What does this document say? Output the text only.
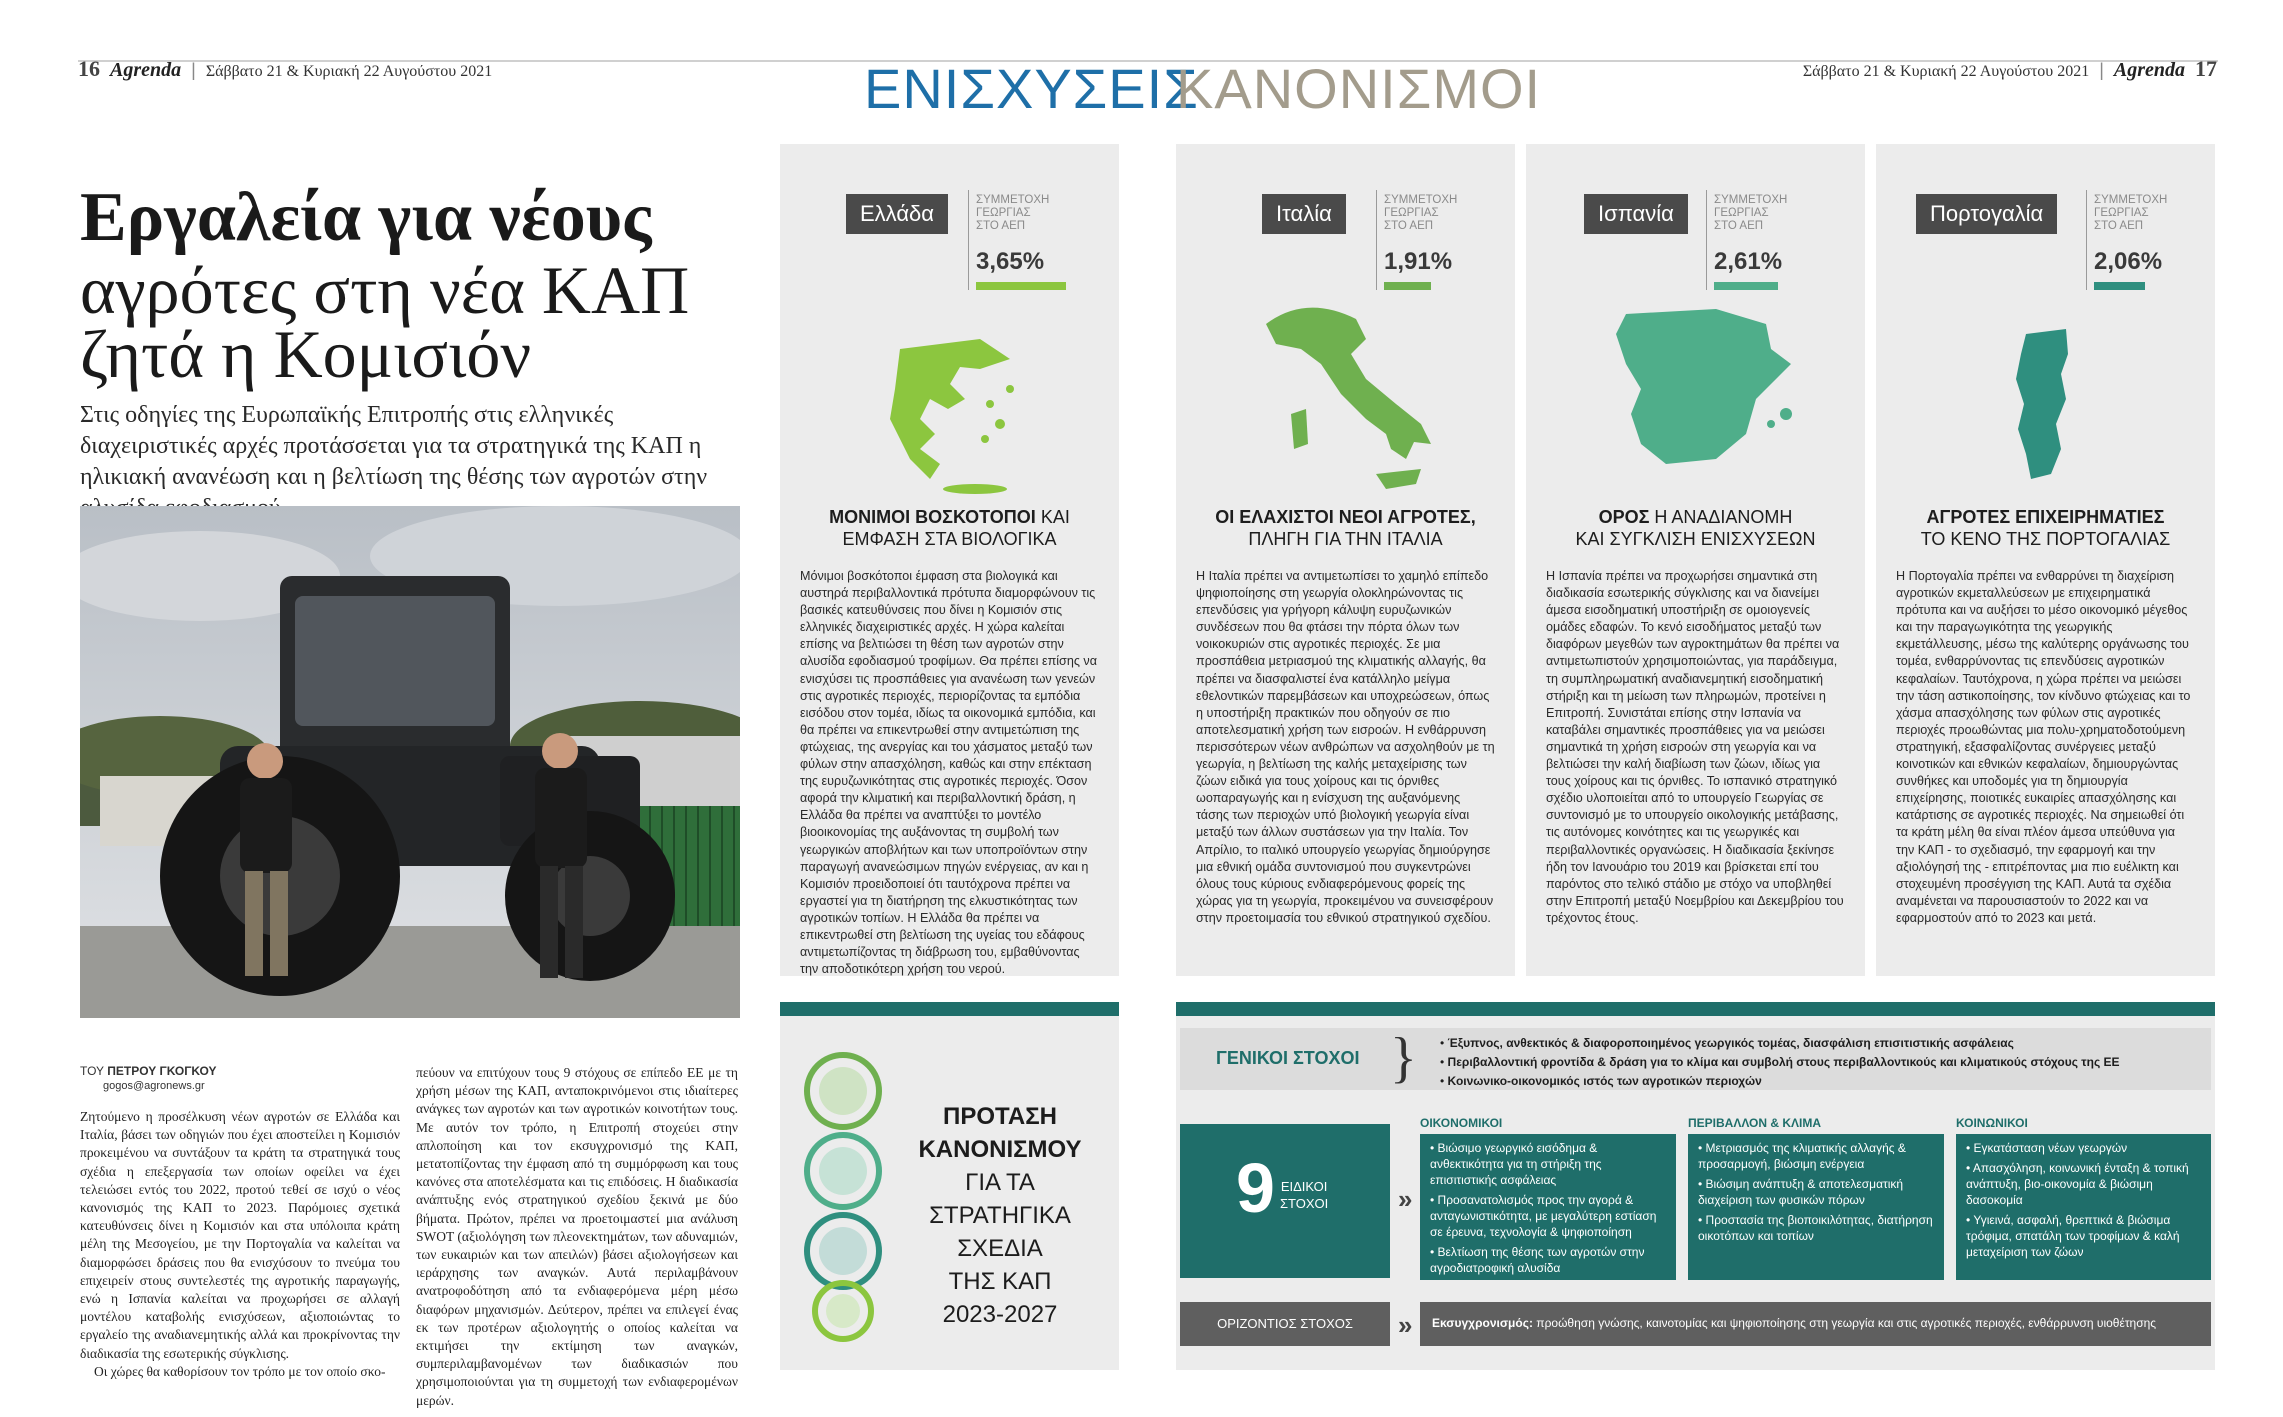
16 Agrenda | Σάββατο 21 & Κυριακή 22 Αυγούστου 2021	Σάββατο 21 & Κυριακή 22 Αυγούστου 2021 | Agrenda 17
ΕΝΙΣΧΥΣΕΙΣ
ΚΑΝΟΝΙΣΜΟΙ
Εργαλεία για νέους
αγρότες στη νέα ΚΑΠ
ζητά η Κομισιόν
Στις οδηγίες της Ευρωπαϊκής Επιτροπής στις ελληνικές διαχειριστικές αρχές προτάσσεται για τα στρατηγικά της ΚΑΠ η ηλικιακή ανανέωση και η βελτίωση της θέσης των αγροτών στην
ΤΟΥ ΠΕΤΡΟΥ ΓΚΟΓΚΟΥ
gogos@agronews.gr

Ζητούμενο η προσέλκυση νέων αγροτών σε Ελλάδα και Ιταλία, βάσει των οδηγιών που έχει αποστείλει η Κομισιόν προκειμένου να συντάξουν τα κράτη τα στρατηγικά τους σχέδια η επεξεργασία των οποίων οφείλει να έχει τελειώσει εντός του 2022, προτού τεθεί σε ισχύ ο νέος κανονισμός της ΚΑΠ το 2023. Παρόμοιες σχετικά κατευθύνσεις δίνει η Κομισιόν και στα υπόλοιπα κράτη μέλη της Μεσογείου, με την Πορτογαλία να καλείται να διαμορφώσει δράσεις που θα ενισχύσουν το πνεύμα του επιχειρείν στους συντελεστές της αγροτικής παραγωγής, ενώ η Ισπανία καλείται να προχωρήσει σε αλλαγή μοντέλου καταβολής ενισχύσεων, αξιοποιώντας το εργαλείο της αναδιανεμητικής αλλά και προκρίνοντας την διαδικασία της εσωτερικής σύγκλισης.

Οι χώρες θα καθορίσουν τον τρόπο με τον οποίο σκο-

πεύουν να επιτύχουν τους 9 στόχους σε επίπεδο ΕΕ με τη χρήση μέσων της ΚΑΠ, ανταποκρινόμενοι στις ιδιαίτερες ανάγκες των αγροτών και των αγροτικών κοινοτήτων τους. Με αυτόν τον τρόπο, η Επιτροπή στοχεύει στην απλοποίηση και τον εκσυγχρονισμό της ΚΑΠ, μετατοπίζοντας την έμφαση από τη συμμόρφωση και τους κανόνες στα αποτελέσματα και τις επιδόσεις. Η διαδικασία ανάπτυξης ενός στρατηγικού σχεδίου ξεκινά με δύο βήματα. Πρώτον, πρέπει να προετοιμαστεί μια ανάλυση SWOT (αξιολόγηση των πλεονεκτημάτων, των αδυναμιών, των ευκαιριών και των απειλών) βάσει αξιολογήσεων και ιεράρχησης των αναγκών. Αυτά περιλαμβάνουν ανατροφοδότηση από τα ενδιαφερόμενα μέρη μέσω διαφόρων μηχανισμών. Δεύτερον, πρέπει να επιλεγεί ένας εκ των προτέρων αξιολογητής ο οποίος καλείται να εκτιμήσει την εκτίμηση των αναγκών, συμπεριλαμβανομένων των διαδικασιών που χρησιμοποιούνται για τη συμμετοχή των ενδιαφερομένων μερών.
Ελλάδα
ΣΥΜΜΕΤΟΧΗ
ΓΕΩΡΓΙΑΣ
ΣΤΟ ΑΕΠ
3,65%
ΜΟΝΙΜΟΙ ΒΟΣΚΟΤΟΠΟΙ ΚΑΙ
ΕΜΦΑΣΗ ΣΤΑ ΒΙΟΛΟΓΙΚΑ
Μόνιμοι βοσκότοποι έμφαση στα βιολογικά και αυστηρά περιβαλλοντικά πρότυπα διαμορφώνουν τις βασικές κατευθύνσεις που δίνει η Κομισιόν στις ελληνικές διαχειριστικές αρχές. Η χώρα καλείται επίσης να βελτιώσει τη θέση των αγροτών στην αλυσίδα εφοδιασμού τροφίμων. Θα πρέπει επίσης να ενισχύσει τις προσπάθειες για ανανέωση των γενεών στις αγροτικές περιοχές, περιορίζοντας τα εμπόδια εισόδου στον τομέα, ιδίως τα οικονομικά εμπόδια, και θα πρέπει να επικεντρωθεί στην αντιμετώπιση της φτώχειας, της ανεργίας και του χάσματος μεταξύ των φύλων στην απασχόληση, καθώς και στην επέκταση της ευρυζωνικότητας στις αγροτικές περιοχές. Όσον αφορά την κλιματική και περιβαλλοντική δράση, η Ελλάδα θα πρέπει να αναπτύξει το μοντέλο βιοοικονομίας της αυξάνοντας τη συμβολή των γεωργικών αποβλήτων και των υποπροϊόντων στην παραγωγή ανανεώσιμων πηγών ενέργειας, αν και η Κομισιόν προειδοποιεί ότι ταυτόχρονα πρέπει να εργαστεί για τη διατήρηση της ελκυστικότητας των αγροτικών τοπίων. Η Ελλάδα θα πρέπει να επικεντρωθεί στη βελτίωση της υγείας του εδάφους αντιμετωπίζοντας τη διάβρωση του, εμβαθύνοντας την αποδοτικότερη χρήση του νερού.
Ιταλία
ΣΥΜΜΕΤΟΧΗ
ΓΕΩΡΓΙΑΣ
ΣΤΟ ΑΕΠ
1,91%
ΟΙ ΕΛΑΧΙΣΤΟΙ ΝΕΟΙ ΑΓΡΟΤΕΣ,
ΠΛΗΓΗ ΓΙΑ ΤΗΝ ΙΤΑΛΙΑ
Η Ιταλία πρέπει να αντιμετωπίσει το χαμηλό επίπεδο ψηφιοποίησης στη γεωργία ολοκληρώνοντας τις επενδύσεις για γρήγορη κάλυψη ευρυζωνικών συνδέσεων που θα φτάσει την πόρτα όλων των νοικοκυριών στις αγροτικές περιοχές. Σε μια προσπάθεια μετριασμού της κλιματικής αλλαγής, θα πρέπει να διασφαλιστεί ένα κατάλληλο μείγμα εθελοντικών παρεμβάσεων και υποχρεώσεων, όπως η υποστήριξη πρακτικών που οδηγούν σε πιο αποτελεσματική χρήση των εισροών. Η ενθάρρυνση περισσότερων νέων ανθρώπων να ασχοληθούν με τη γεωργία, η βελτίωση της καλής μεταχείρισης των ζώων ειδικά για τους χοίρους και τις όρνιθες ωοπαραγωγής και η ενίσχυση της αυξανόμενης τάσης των περιοχών υπό βιολογική γεωργία είναι μεταξύ των άλλων συστάσεων για την Ιταλία. Τον Απρίλιο, το ιταλικό υπουργείο γεωργίας δημιούργησε μια εθνική ομάδα συντονισμού που συγκεντρώνει όλους τους κύριους ενδιαφερόμενους φορείς της χώρας για τη γεωργία, προκειμένου να συνεισφέρουν στην προετοιμασία του εθνικού στρατηγικού σχεδίου.
Ισπανία
ΣΥΜΜΕΤΟΧΗ
ΓΕΩΡΓΙΑΣ
ΣΤΟ ΑΕΠ
2,61%
ΟΡΟΣ Η ΑΝΑΔΙΑΝΟΜΗ
ΚΑΙ ΣΥΓΚΛΙΣΗ ΕΝΙΣΧΥΣΕΩΝ
Η Ισπανία πρέπει να προχωρήσει σημαντικά στη διαδικασία εσωτερικής σύγκλισης και να διανείμει άμεσα εισοδηματική υποστήριξη σε ομοιογενείς ομάδες εδαφών. Το κενό εισοδήματος μεταξύ των διαφόρων μεγεθών των αγροκτημάτων θα πρέπει να αντιμετωπιστούν χρησιμοποιώντας, για παράδειγμα, τη συμπληρωματική αναδιανεμητική εισοδηματική στήριξη και τη μείωση των πληρωμών, προτείνει η Επιτροπή. Συνιστάται επίσης στην Ισπανία να καταβάλει σημαντικές προσπάθειες για να μειώσει σημαντικά τη χρήση εισροών στη γεωργία και να βελτιώσει την καλή διαβίωση των ζώων, ιδίως για τους χοίρους και τις όρνιθες. Το ισπανικό στρατηγικό σχέδιο υλοποιείται από το υπουργείο Γεωργίας σε συντονισμό με το υπουργείο οικολογικής μετάβασης, τις αυτόνομες κοινότητες και τις γεωργικές και περιβαλλοντικές οργανώσεις. Η διαδικασία ξεκίνησε ήδη τον Ιανουάριο του 2019 και βρίσκεται επί του παρόντος στο τελικό στάδιο με στόχο να υποβληθεί στην Επιτροπή μεταξύ Νοεμβρίου και Δεκεμβρίου του τρέχοντος έτους.
Πορτογαλία
ΣΥΜΜΕΤΟΧΗ
ΓΕΩΡΓΙΑΣ
ΣΤΟ ΑΕΠ
2,06%
ΑΓΡΟΤΕΣ ΕΠΙΧΕΙΡΗΜΑΤΙΕΣ
ΤΟ ΚΕΝΟ ΤΗΣ ΠΟΡΤΟΓΑΛΙΑΣ
Η Πορτογαλία πρέπει να ενθαρρύνει τη διαχείριση αγροτικών εκμεταλλεύσεων με επιχειρηματικά πρότυπα και να αυξήσει το μέσο οικονομικό μέγεθος και την παραγωγικότητα της γεωργικής εκμετάλλευσης, μέσω της καλύτερης οργάνωσης του τομέα, ενθαρρύνοντας τις επενδύσεις αγροτικών κεφαλαίων. Ταυτόχρονα, η χώρα πρέπει να μειώσει την τάση αστικοποίησης, τον κίνδυνο φτώχειας και το χάσμα απασχόλησης των φύλων στις αγροτικές περιοχές προωθώντας μια πολυ-χρηματοδοτούμενη στρατηγική, εξασφαλίζοντας συνέργειες μεταξύ κοινοτικών και εθνικών κεφαλαίων, δημιουργώντας συνθήκες και υποδομές για τη δημιουργία επιχείρησης, ποιοτικές ευκαιρίες απασχόλησης και κατάρτισης σε αγροτικές περιοχές. Να σημειωθεί ότι τα κράτη μέλη θα είναι πλέον άμεσα υπεύθυνα για την ΚΑΠ - το σχεδιασμό, την εφαρμογή και την αξιολόγησή της - επιτρέποντας μια πιο ευέλικτη και στοχευμένη προσέγγιση της ΚΑΠ. Αυτά τα σχέδια αναμένεται να παρουσιαστούν το 2022 και να εφαρμοστούν από το 2023 και μετά.
ΠΡΟΤΑΣΗ
ΚΑΝΟΝΙΣΜΟΥ
ΓΙΑ ΤΑ
ΣΤΡΑΤΗΓΙΚΑ
ΣΧΕΔΙΑ
ΤΗΣ ΚΑΠ
2023-2027
ΓΕΝΙΚΟΙ ΣΤΟΧΟΙ } • Έξυπνος, ανθεκτικός & διαφοροποιημένος γεωργικός τομέας, διασφάλιση επισιτιστικής ασφάλειας
• Περιβαλλοντική φροντίδα & δράση για το κλίμα και συμβολή στους περιβαλλοντικούς και κλιματικούς στόχους της ΕΕ
• Κοινωνικο-οικονομικός ιστός των αγροτικών περιοχών
9 ΕΙΔΙΚΟΙ
ΣΤΟΧΟΙ	»
ΟΙΚΟΝΟΜΙΚΟΙ
• Βιώσιμο γεωργικό εισόδημα & ανθεκτικότητα για τη στήριξη της επισιτιστικής ασφάλειας
• Προσανατολισμός προς την αγορά & ανταγωνιστικότητα, με μεγαλύτερη εστίαση σε έρευνα, τεχνολογία & ψηφιοποίηση
• Βελτίωση της θέσης των αγροτών στην αγροδιατροφική αλυσίδα
ΠΕΡΙΒΑΛΛΟΝ & ΚΛΙΜΑ
• Μετριασμός της κλιματικής αλλαγής & προσαρμογή, βιώσιμη ενέργεια
• Βιώσιμη ανάπτυξη & αποτελεσματική διαχείριση των φυσικών πόρων
• Προστασία της βιοποικιλότητας, διατήρηση οικοτόπων και τοπίων
ΚΟΙΝΩΝΙΚΟΙ
• Εγκατάσταση νέων γεωργών
• Απασχόληση, κοινωνική ένταξη & τοπική ανάπτυξη, βιο-οικονομία & βιώσιμη δασοκομία
• Υγιεινά, ασφαλή, θρεπτικά & βιώσιμα τρόφιμα, σπατάλη των τροφίμων & καλή μεταχείριση των ζώων
ΟΡΙΖΟΝΤΙΟΣ ΣΤΟΧΟΣ	» Εκσυγχρονισμός: προώθηση γνώσης, καινοτομίας και ψηφιοποίησης στη γεωργία και στις αγροτικές περιοχές, ενθάρρυνση υιοθέτησης
